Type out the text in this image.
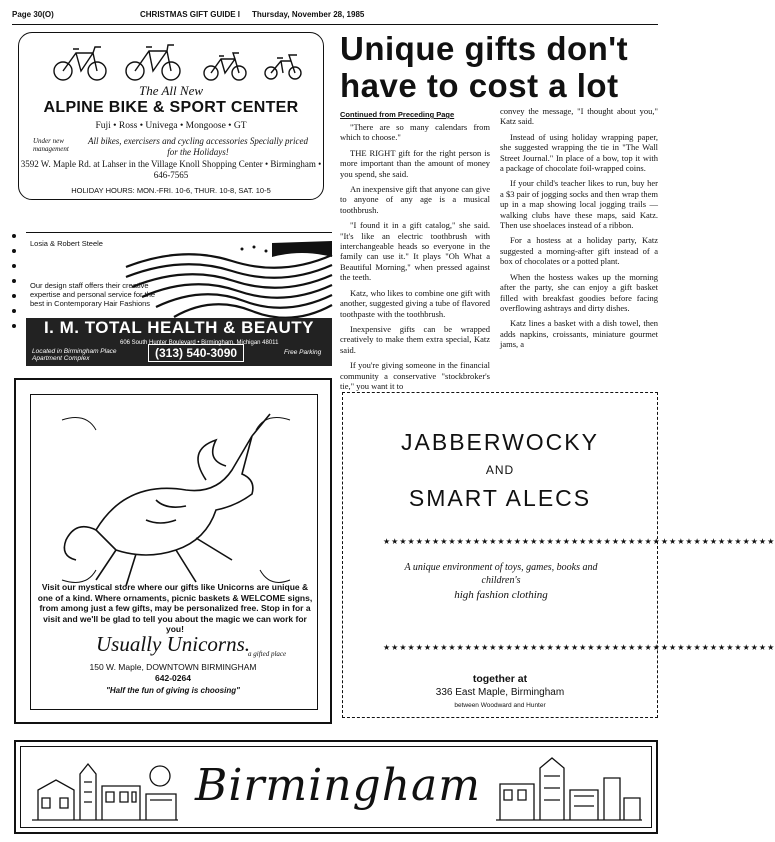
Page 30(O)	CHRISTMAS GIFT GUIDE I Thursday, November 28, 1985
The All New
ALPINE BIKE & SPORT CENTER
Fuji • Ross • Univega • Mongoose • GT
Under new management
All bikes, exercisers and cycling accessories Specially priced for the Holidays!
3592 W. Maple Rd. at Lahser in the Village Knoll Shopping Center • Birmingham • 646-7565
HOLIDAY HOURS: MON.-FRI. 10-6, THUR. 10-8, SAT. 10-5
Losia & Robert Steele
Our design staff offers their creative expertise and personal service for the best in Contemporary Hair Fashions
I. M. TOTAL HEALTH & BEAUTY
606 South Hunter Boulevard • Birmingham, Michigan 48011
Located in Birmingham Place Apartment Complex	(313) 540-3090	Free Parking
Unique gifts don't have to cost a lot
Continued from Preceding Page

"There are so many calendars from which to choose."

THE RIGHT gift for the right person is more important than the amount of money you spend, she said.

An inexpensive gift that anyone can give to anyone of any age is a musical toothbrush.

"I found it in a gift catalog," she said. "It's like an electric toothbrush with interchangeable heads so everyone in the family can use it." It plays "Oh What a Beautiful Morning," when pressed against the teeth.

Katz, who likes to combine one gift with another, suggested giving a tube of flavored toothpaste with the toothbrush.

Inexpensive gifts can be wrapped creatively to make them extra special, Katz said.

If you're giving someone in the financial community a conservative "stockbroker's tie," you want it to

convey the message, "I thought about you," Katz said.

Instead of using holiday wrapping paper, she suggested wrapping the tie in "The Wall Street Journal." In place of a bow, top it with a package of chocolate foil-wrapped coins.

If your child's teacher likes to run, buy her a $3 pair of jogging socks and then wrap them up in a map showing local jogging trails — walking clubs have these maps, said Katz. Then use shoelaces instead of a ribbon.

For a hostess at a holiday party, Katz suggested a morning-after gift instead of a box of chocolates or a potted plant.

When the hostess wakes up the morning after the party, she can enjoy a gift basket filled with breakfast goodies before facing overflowing ashtrays and dirty dishes.

Katz lines a basket with a dish towel, then adds napkins, croissants, miniature gourmet jams, a

Visit our mystical store where our gifts like Unicorns are unique & one of a kind. Where ornaments, picnic baskets & WELCOME signs, from among just a few gifts, may be personalized free. Stop in for a visit and we'll be glad to tell you about the magic we can work for you!
Usually Unicorns.
a gifted place
150 W. Maple, DOWNTOWN BIRMINGHAM
642-0264
"Half the fun of giving is choosing"
JABBERWOCKY
AND
SMART ALECS
★★★★★★★★★★★★★★★★★★★★★★★★★★★★★★★★★★★★★★★★★★★★★★★★
A unique environment of toys, games, books and children's
high fashion clothing
★★★★★★★★★★★★★★★★★★★★★★★★★★★★★★★★★★★★★★★★★★★★★★★★
together at
336 East Maple, Birmingham
between Woodward and Hunter
Birmingham
